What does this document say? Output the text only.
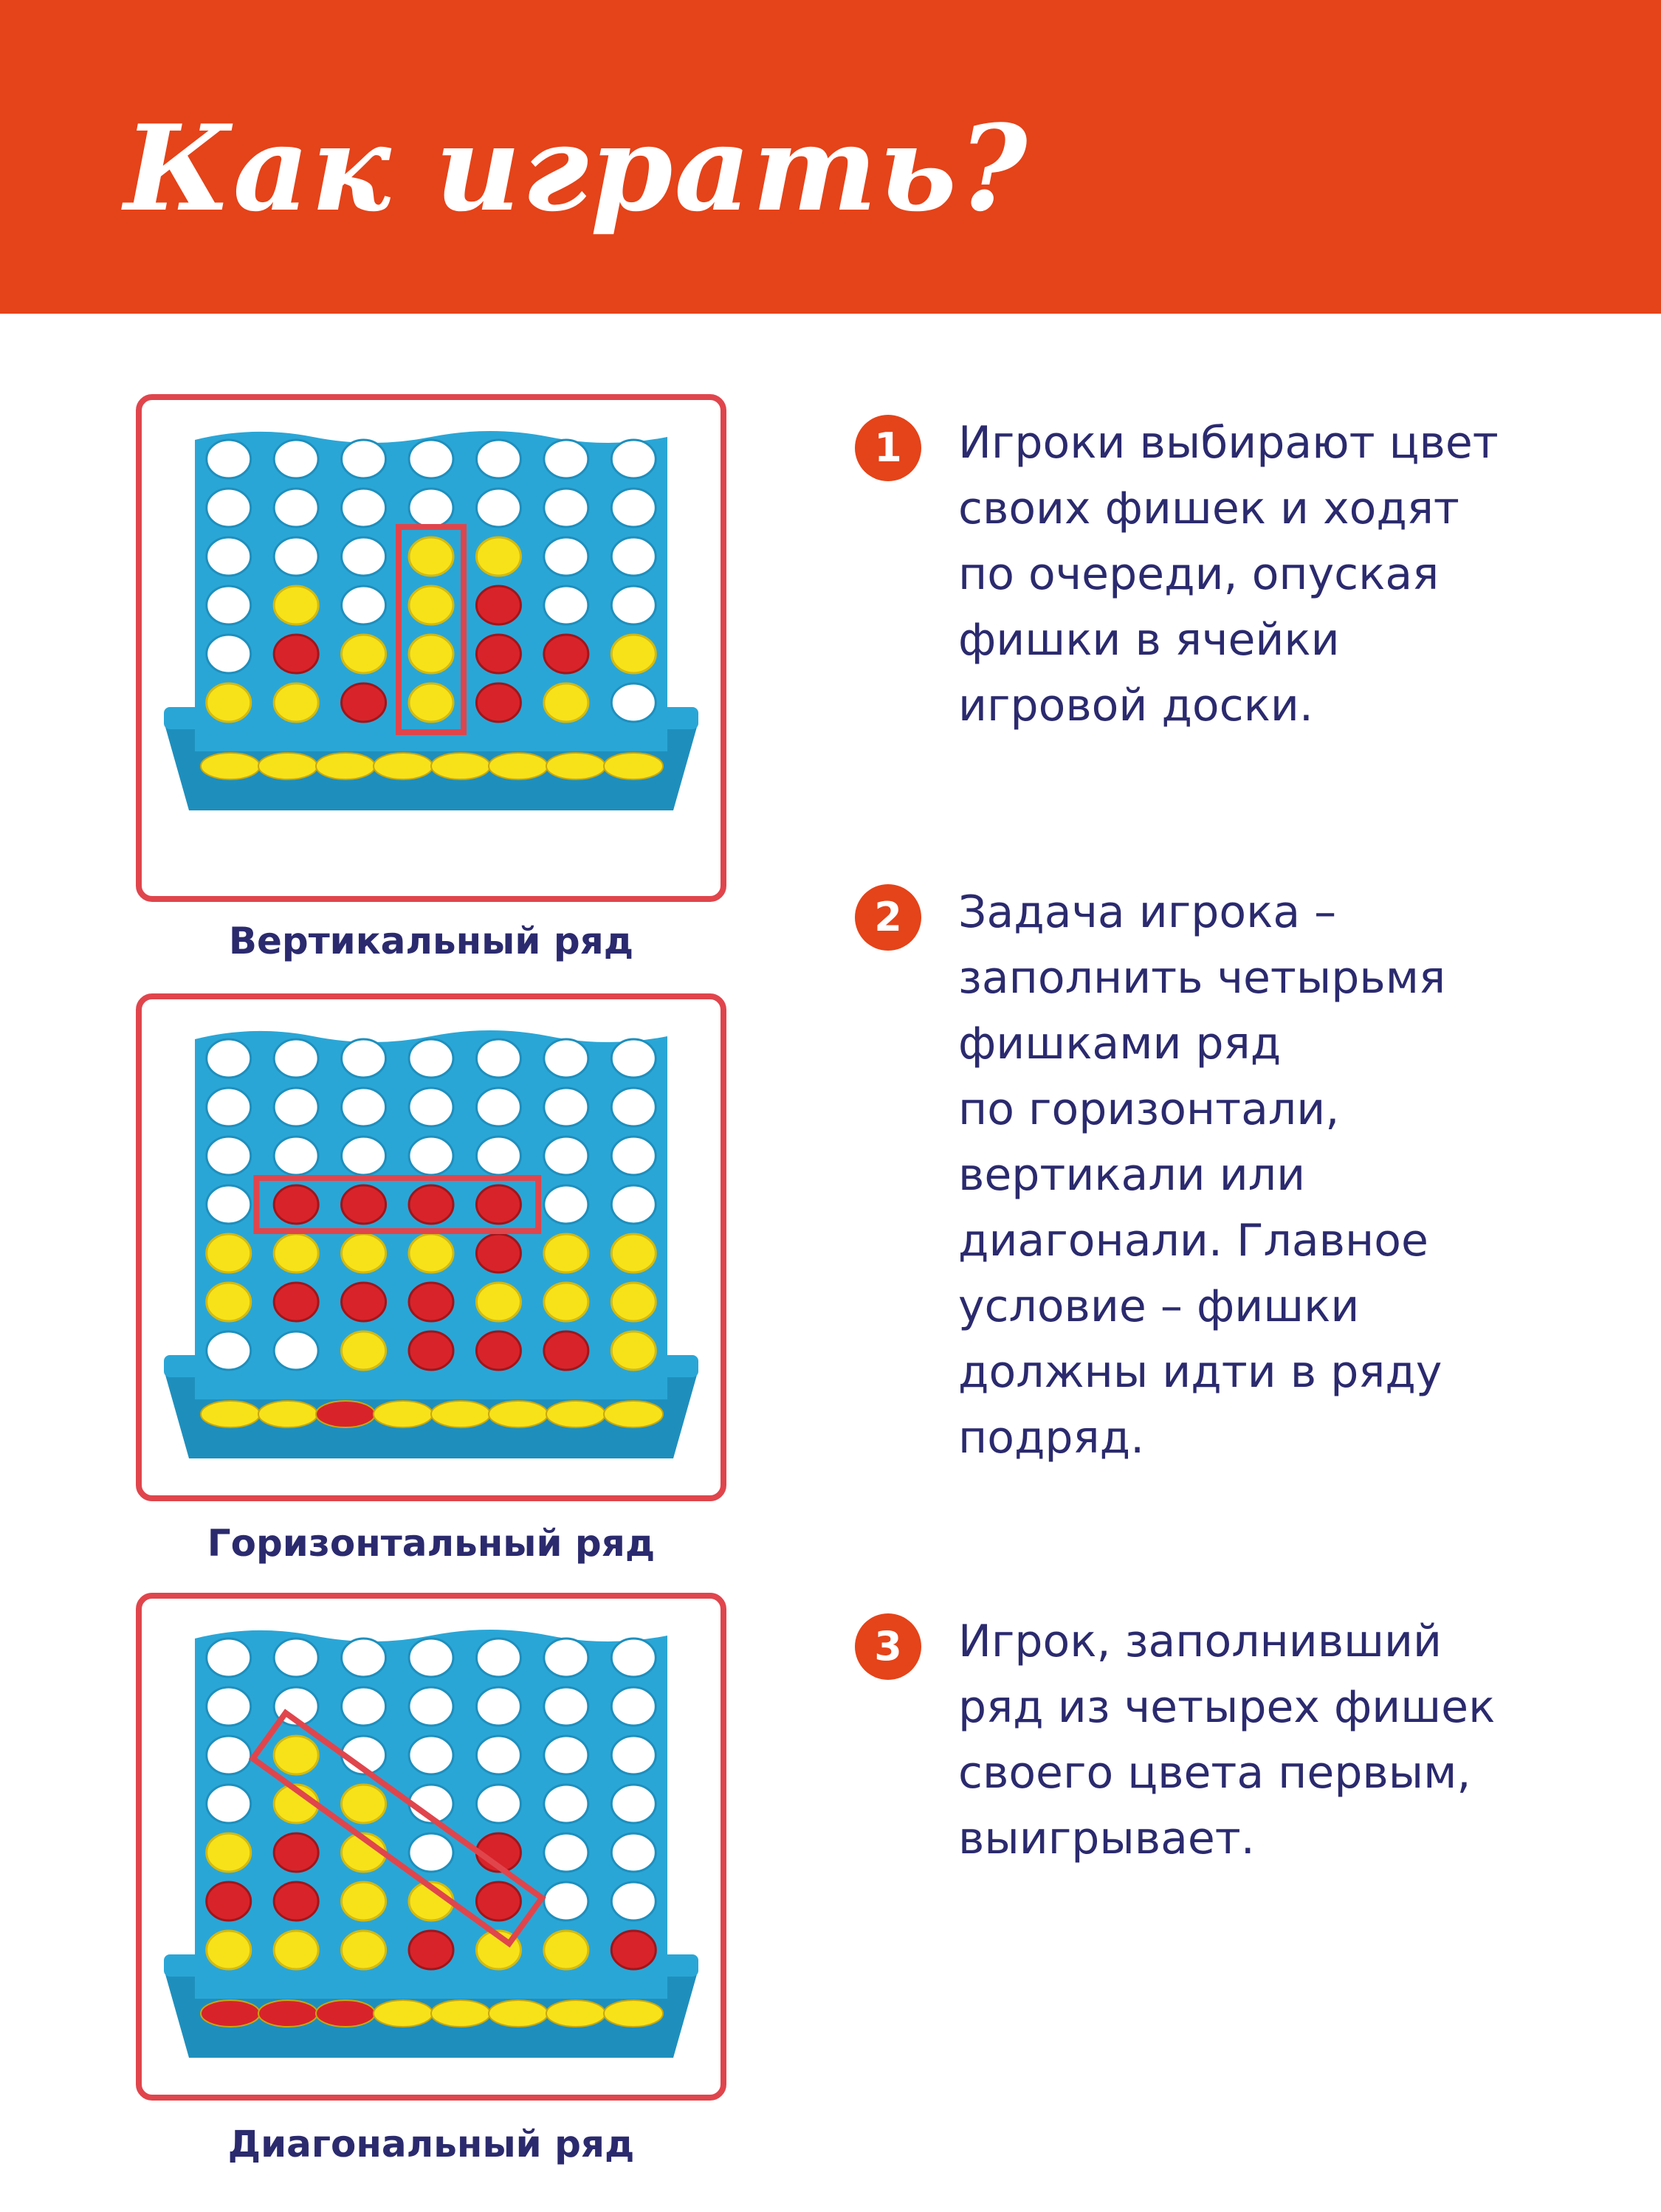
Как играть?
Вертикальный ряд
Горизонтальный ряд
Диагональный ряд
1	Игроки выбирают цвет
своих фишек и ходят
по очереди, опуская
фишки в ячейки
игровой доски.
2	Задача игрока –
заполнить четырьмя
фишками ряд
по горизонтали,
вертикали или
диагонали. Главное
условие – фишки
должны идти в ряду
подряд.
3	Игрок, заполнивший
ряд из четырех фишек
своего цвета первым,
выигрывает.
